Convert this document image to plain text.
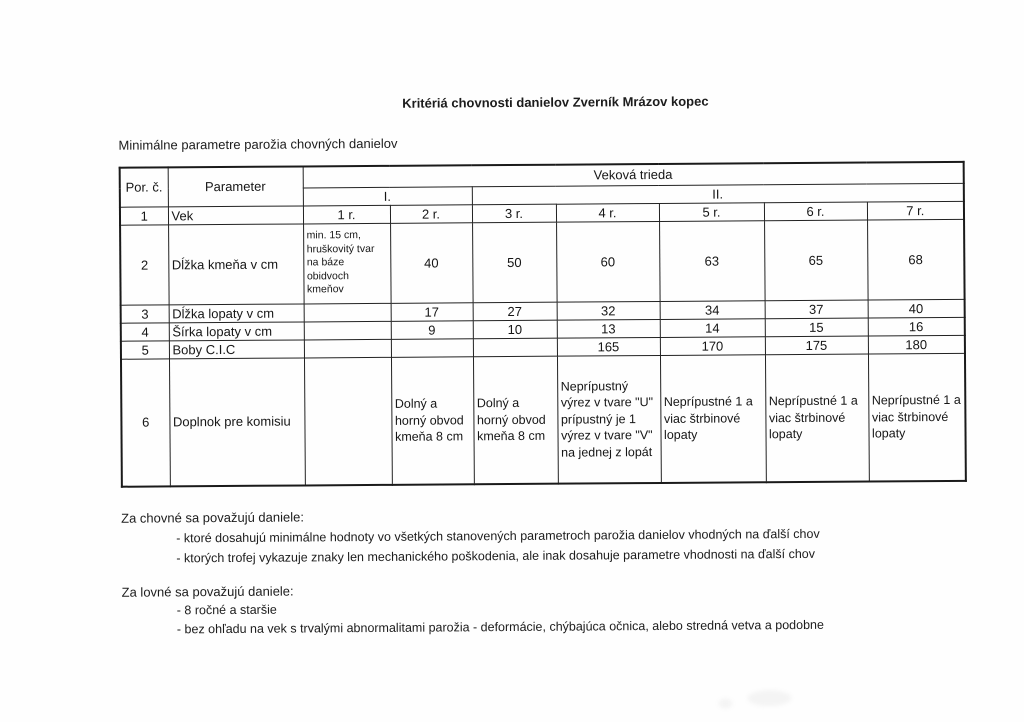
Kritériá chovnosti danielov Zverník Mrázov kopec
Minimálne parametre parožia chovných danielov
Por. č.	Parameter	Veková trieda						
		I.		II.				
1	Vek	1 r.	2 r.	3 r.	4 r.	5 r.	6 r.	7 r.
2	Dĺžka kmeňa v cm	min. 15 cm, hruškovitý tvar na báze obidvoch kmeňov	40	50	60	63	65	68
3	Dĺžka lopaty v cm		17	27	32	34	37	40
4	Šírka lopaty v cm		9	10	13	14	15	16
5	Boby C.I.C				165	170	175	180
6	Doplnok pre komisiu		Dolný a horný obvod kmeňa 8 cm	Dolný a horný obvod kmeňa 8 cm	Neprípustný výrez v tvare "U" prípustný je 1 výrez v tvare "V" na jednej z lopát	Neprípustné 1 a viac štrbinové lopaty	Neprípustné 1 a viac štrbinové lopaty	Neprípustné 1 a viac štrbinové lopaty
Za chovné sa považujú daniele:
- ktoré dosahujú minimálne hodnoty vo všetkých stanovených parametroch parožia danielov vhodných na ďalší chov
- ktorých trofej vykazuje znaky len mechanického poškodenia, ale inak dosahuje parametre vhodnosti na ďalší chov
Za lovné sa považujú daniele:
- 8 ročné a staršie
- bez ohľadu na vek s trvalými abnormalitami parožia - deformácie, chýbajúca očnica, alebo stredná vetva a podobne
